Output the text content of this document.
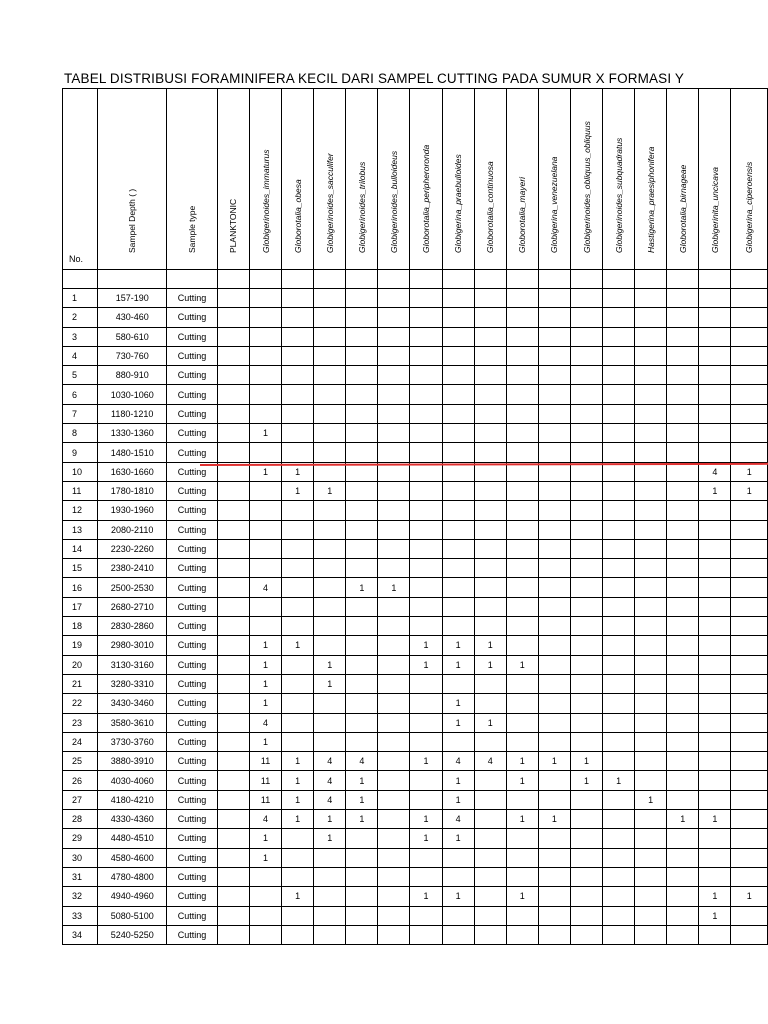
TABEL DISTRIBUSI FORAMINIFERA KECIL DARI SAMPEL CUTTING PADA SUMUR X FORMASI Y
No.	Sampel Depth ( )	Sample type	PLANKTONIC	Globigerinoides_immaturus	Globorotalia_obesa	Globigerinoides_sacculifer	Globigerinoides_trilobus	Globigerinoides_bulloideus	Globorotalia_peripheroronda	Globigerina_praebulloides	Globorotalia_continuosa	Globorotalia_mayeri	Globigerina_venezuelana	Globigerinoides_obliquus_obliquus	Globigerinoides_subquadratus	Hastigerina_praesiphonifera	Globorotalia_birnageae	Globigerinita_uncicava	Globigerina_ciperoensis

1	157-190	Cutting																	
2	430-460	Cutting																	
3	580-610	Cutting																	
4	730-760	Cutting																	
5	880-910	Cutting																	
6	1030-1060	Cutting																	
7	1180-1210	Cutting																	
8	1330-1360	Cutting		1															
9	1480-1510	Cutting																	
10	1630-1660	Cutting		1	1													4	1
11	1780-1810	Cutting			1	1												1	1
12	1930-1960	Cutting																	
13	2080-2110	Cutting																	
14	2230-2260	Cutting																	
15	2380-2410	Cutting																	
16	2500-2530	Cutting		4			1	1											
17	2680-2710	Cutting																	
18	2830-2860	Cutting																	
19	2980-3010	Cutting		1	1				1	1	1								
20	3130-3160	Cutting		1		1			1	1	1	1							
21	3280-3310	Cutting		1		1													
22	3430-3460	Cutting		1						1									
23	3580-3610	Cutting		4						1	1								
24	3730-3760	Cutting		1															
25	3880-3910	Cutting		11	1	4	4		1	4	4	1	1	1					
26	4030-4060	Cutting		11	1	4	1			1		1		1	1				
27	4180-4210	Cutting		11	1	4	1			1						1			
28	4330-4360	Cutting		4	1	1	1		1	4		1	1				1	1	
29	4480-4510	Cutting		1		1			1	1									
30	4580-4600	Cutting		1															
31	4780-4800	Cutting																	
32	4940-4960	Cutting			1				1	1		1						1	1
33	5080-5100	Cutting																1	
34	5240-5250	Cutting																	
